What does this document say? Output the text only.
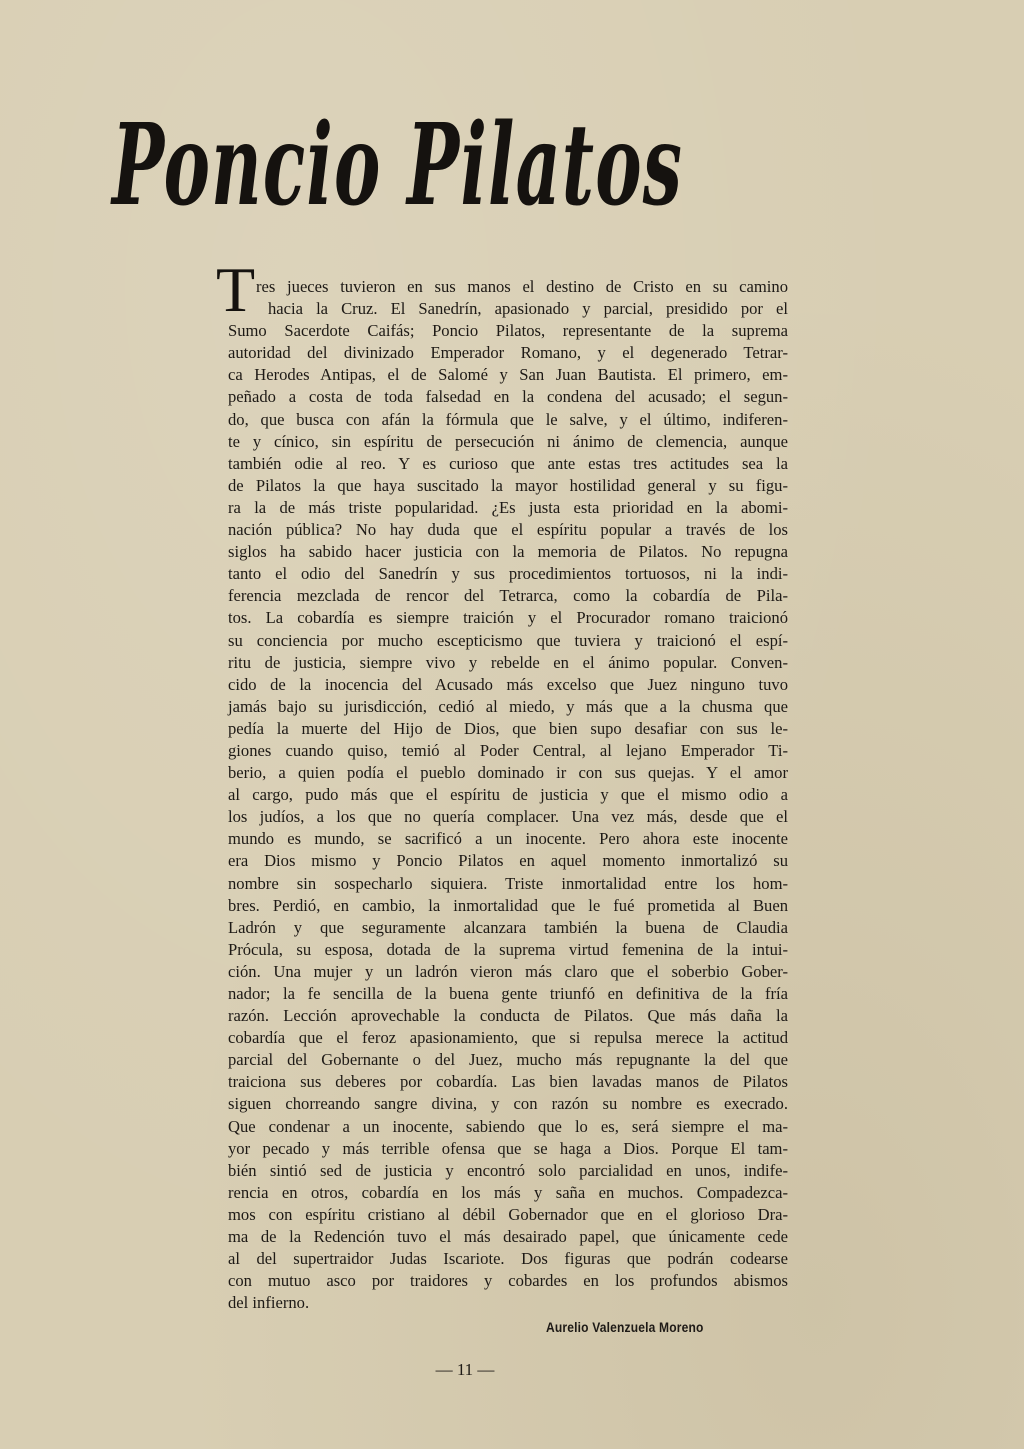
Poncio Pilatos
T res jueces tuvieron en sus manos el destino de Cristo en su camino
hacia la Cruz. El Sanedrín, apasionado y parcial, presidido por el
Sumo Sacerdote Caifás; Poncio Pilatos, representante de la suprema
autoridad del divinizado Emperador Romano, y el degenerado Tetrar-
ca Herodes Antipas, el de Salomé y San Juan Bautista. El primero, em-
peñado a costa de toda falsedad en la condena del acusado; el segun-
do, que busca con afán la fórmula que le salve, y el último, indiferen-
te y cínico, sin espíritu de persecución ni ánimo de clemencia, aunque
también odie al reo. Y es curioso que ante estas tres actitudes sea la
de Pilatos la que haya suscitado la mayor hostilidad general y su figu-
ra la de más triste popularidad. ¿Es justa esta prioridad en la abomi-
nación pública? No hay duda que el espíritu popular a través de los
siglos ha sabido hacer justicia con la memoria de Pilatos. No repugna
tanto el odio del Sanedrín y sus procedimientos tortuosos, ni la indi-
ferencia mezclada de rencor del Tetrarca, como la cobardía de Pila-
tos. La cobardía es siempre traición y el Procurador romano traicionó
su conciencia por mucho escepticismo que tuviera y traicionó el espí-
ritu de justicia, siempre vivo y rebelde en el ánimo popular. Conven-
cido de la inocencia del Acusado más excelso que Juez ninguno tuvo
jamás bajo su jurisdicción, cedió al miedo, y más que a la chusma que
pedía la muerte del Hijo de Dios, que bien supo desafiar con sus le-
giones cuando quiso, temió al Poder Central, al lejano Emperador Ti-
berio, a quien podía el pueblo dominado ir con sus quejas. Y el amor
al cargo, pudo más que el espíritu de justicia y que el mismo odio a
los judíos, a los que no quería complacer. Una vez más, desde que el
mundo es mundo, se sacrificó a un inocente. Pero ahora este inocente
era Dios mismo y Poncio Pilatos en aquel momento inmortalizó su
nombre sin sospecharlo siquiera. Triste inmortalidad entre los hom-
bres. Perdió, en cambio, la inmortalidad que le fué prometida al Buen
Ladrón y que seguramente alcanzara también la buena de Claudia
Prócula, su esposa, dotada de la suprema virtud femenina de la intui-
ción. Una mujer y un ladrón vieron más claro que el soberbio Gober-
nador; la fe sencilla de la buena gente triunfó en definitiva de la fría
razón. Lección aprovechable la conducta de Pilatos. Que más daña la
cobardía que el feroz apasionamiento, que si repulsa merece la actitud
parcial del Gobernante o del Juez, mucho más repugnante la del que
traiciona sus deberes por cobardía. Las bien lavadas manos de Pilatos
siguen chorreando sangre divina, y con razón su nombre es execrado.
Que condenar a un inocente, sabiendo que lo es, será siempre el ma-
yor pecado y más terrible ofensa que se haga a Dios. Porque El tam-
bién sintió sed de justicia y encontró solo parcialidad en unos, indife-
rencia en otros, cobardía en los más y saña en muchos. Compadezca-
mos con espíritu cristiano al débil Gobernador que en el glorioso Dra-
ma de la Redención tuvo el más desairado papel, que únicamente cede
al del supertraidor Judas Iscariote. Dos figuras que podrán codearse
con mutuo asco por traidores y cobardes en los profundos abismos
del infierno.
Aurelio Valenzuela Moreno
— 11 —
